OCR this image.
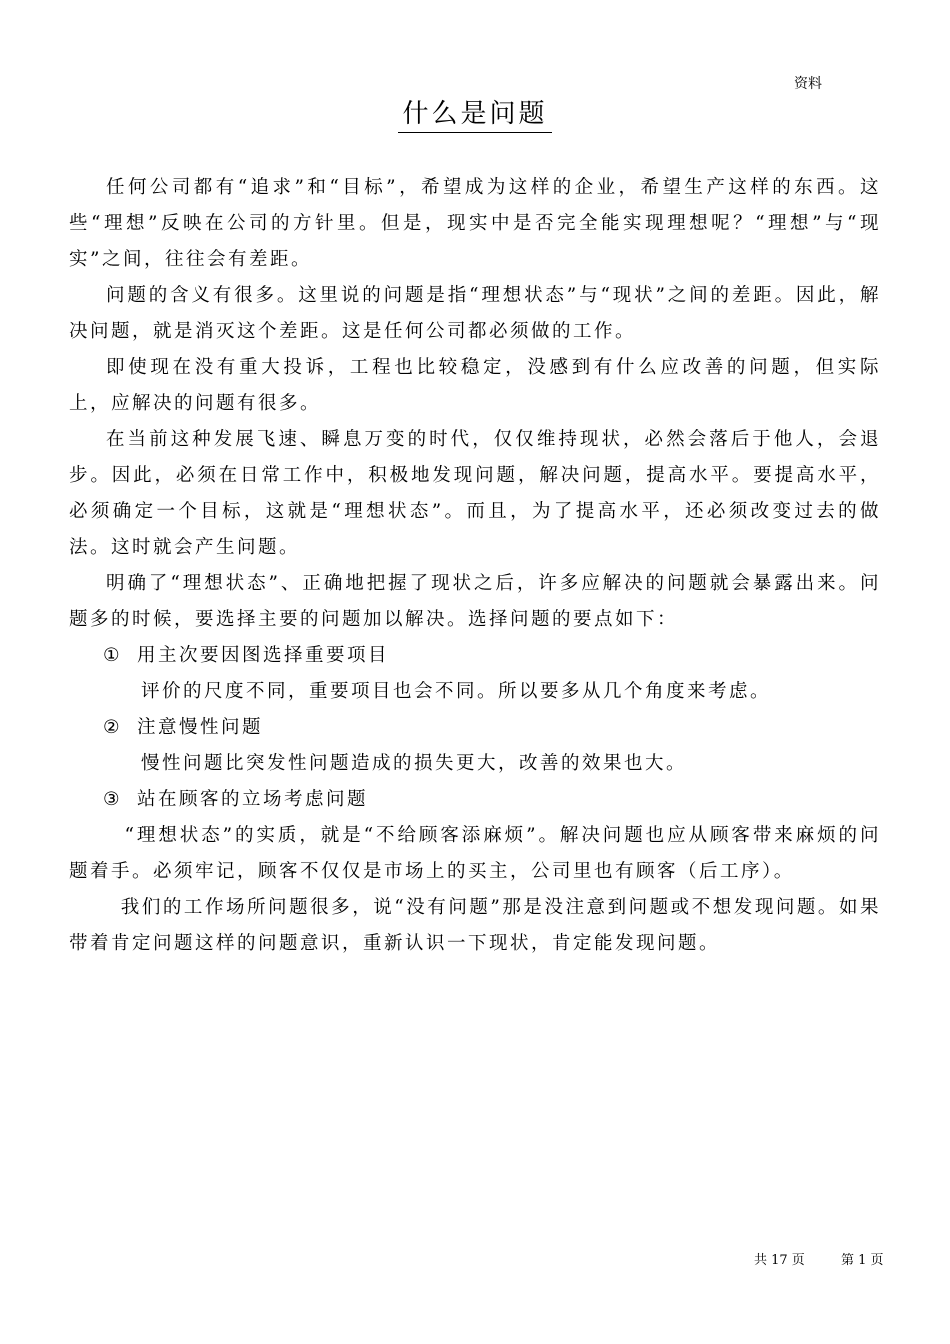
资料
什么是问题

任何公司都有“追求”和“目标”，希望成为这样的企业，希望生产这样的东西。这些“理想”反映在公司的方针里。但是，现实中是否完全能实现理想呢？“理想”与“现实”之间，往往会有差距。

问题的含义有很多。这里说的问题是指“理想状态”与“现状”之间的差距。因此，解决问题，就是消灭这个差距。这是任何公司都必须做的工作。

即使现在没有重大投诉，工程也比较稳定，没感到有什么应改善的问题，但实际上，应解决的问题有很多。

在当前这种发展飞速、瞬息万变的时代，仅仅维持现状，必然会落后于他人，会退步。因此，必须在日常工作中，积极地发现问题，解决问题，提高水平。要提高水平，必须确定一个目标，这就是“理想状态”。而且，为了提高水平，还必须改变过去的做法。这时就会产生问题。

明确了“理想状态”、正确地把握了现状之后，许多应解决的问题就会暴露出来。问题多的时候，要选择主要的问题加以解决。选择问题的要点如下：

① 用主次要因图选择重要项目

评价的尺度不同，重要项目也会不同。所以要多从几个角度来考虑。

② 注意慢性问题

慢性问题比突发性问题造成的损失更大，改善的效果也大。

③ 站在顾客的立场考虑问题

“理想状态”的实质，就是“不给顾客添麻烦”。解决问题也应从顾客带来麻烦的问题着手。必须牢记，顾客不仅仅是市场上的买主，公司里也有顾客（后工序）。

我们的工作场所问题很多，说“没有问题”那是没注意到问题或不想发现问题。如果带着肯定问题这样的问题意识，重新认识一下现状，肯定能发现问题。

共 17 页	第 1 页
